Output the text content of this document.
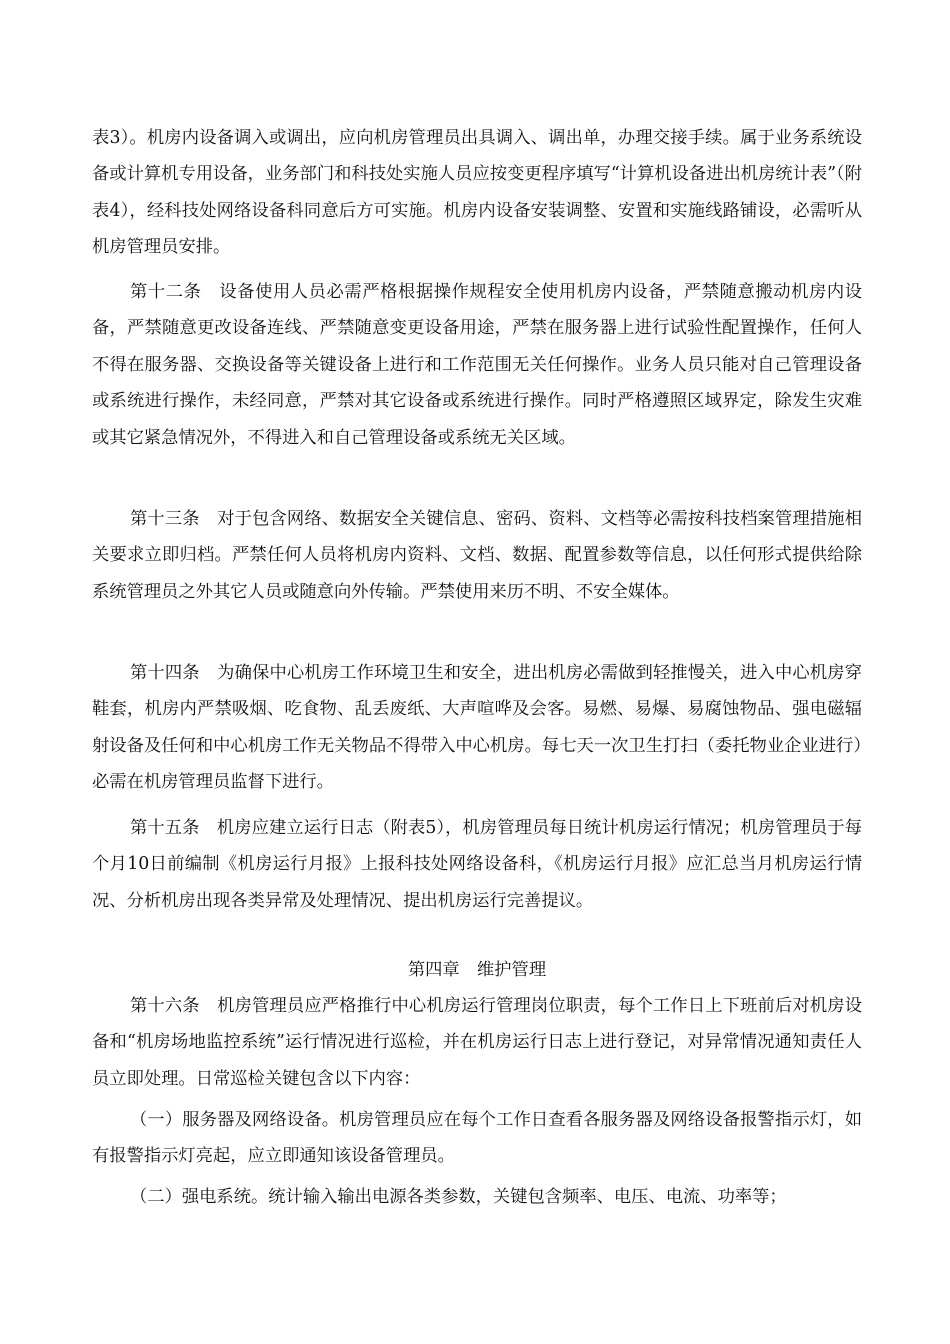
表3）。机房内设备调入或调出，应向机房管理员出具调入、调出单，办理交接手续。属于业务系统设备或计算机专用设备，业务部门和科技处实施人员应按变更程序填写“计算机设备进出机房统计表”（附表4），经科技处网络设备科同意后方可实施。机房内设备安装调整、安置和实施线路铺设，必需听从机房管理员安排。

第十二条　设备使用人员必需严格根据操作规程安全使用机房内设备，严禁随意搬动机房内设备，严禁随意更改设备连线、严禁随意变更设备用途，严禁在服务器上进行试验性配置操作，任何人不得在服务器、交换设备等关键设备上进行和工作范围无关任何操作。业务人员只能对自己管理设备或系统进行操作，未经同意，严禁对其它设备或系统进行操作。同时严格遵照区域界定，除发生灾难或其它紧急情况外，不得进入和自己管理设备或系统无关区域。

第十三条　对于包含网络、数据安全关键信息、密码、资料、文档等必需按科技档案管理措施相关要求立即归档。严禁任何人员将机房内资料、文档、数据、配置参数等信息，以任何形式提供给除系统管理员之外其它人员或随意向外传输。严禁使用来历不明、不安全媒体。

第十四条　为确保中心机房工作环境卫生和安全，进出机房必需做到轻推慢关，进入中心机房穿鞋套，机房内严禁吸烟、吃食物、乱丢废纸、大声喧哗及会客。易燃、易爆、易腐蚀物品、强电磁辐射设备及任何和中心机房工作无关物品不得带入中心机房。每七天一次卫生打扫（委托物业企业进行）必需在机房管理员监督下进行。

第十五条　机房应建立运行日志（附表5），机房管理员每日统计机房运行情况；机房管理员于每个月10日前编制《机房运行月报》上报科技处网络设备科，《机房运行月报》应汇总当月机房运行情况、分析机房出现各类异常及处理情况、提出机房运行完善提议。

第四章　维护管理

第十六条　机房管理员应严格推行中心机房运行管理岗位职责，每个工作日上下班前后对机房设备和“机房场地监控系统”运行情况进行巡检，并在机房运行日志上进行登记，对异常情况通知责任人员立即处理。日常巡检关键包含以下内容：

（一）服务器及网络设备。机房管理员应在每个工作日查看各服务器及网络设备报警指示灯，如有报警指示灯亮起，应立即通知该设备管理员。

（二）强电系统。统计输入输出电源各类参数，关键包含频率、电压、电流、功率等；
